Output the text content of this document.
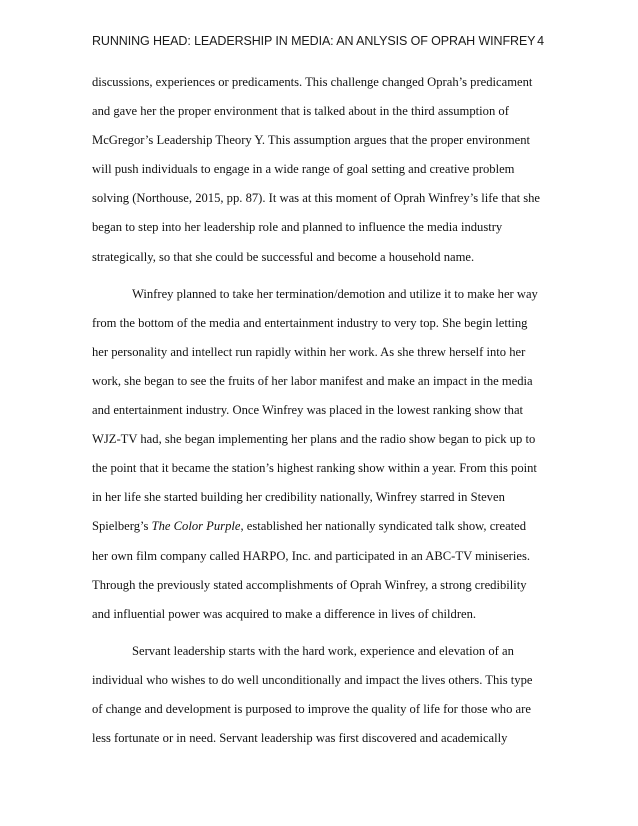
RUNNING HEAD: LEADERSHIP IN MEDIA: AN ANLYSIS OF OPRAH WINFREY 4
discussions, experiences or predicaments. This challenge changed Oprah’s predicament
and gave her the proper environment that is talked about in the third assumption of
McGregor’s Leadership Theory Y. This assumption argues that the proper environment
will push individuals to engage in a wide range of goal setting and creative problem
solving (Northouse, 2015, pp. 87). It was at this moment of Oprah Winfrey’s life that she
began to step into her leadership role and planned to influence the media industry
strategically, so that she could be successful and become a household name.
Winfrey planned to take her termination/demotion and utilize it to make her way
from the bottom of the media and entertainment industry to very top. She begin letting
her personality and intellect run rapidly within her work. As she threw herself into her
work, she began to see the fruits of her labor manifest and make an impact in the media
and entertainment industry. Once Winfrey was placed in the lowest ranking show that
WJZ-TV had, she began implementing her plans and the radio show began to pick up to
the point that it became the station’s highest ranking show within a year. From this point
in her life she started building her credibility nationally, Winfrey starred in Steven
Spielberg’s The Color Purple, established her nationally syndicated talk show, created
her own film company called HARPO, Inc. and participated in an ABC-TV miniseries.
Through the previously stated accomplishments of Oprah Winfrey, a strong credibility
and influential power was acquired to make a difference in lives of children.
Servant leadership starts with the hard work, experience and elevation of an
individual who wishes to do well unconditionally and impact the lives others. This type
of change and development is purposed to improve the quality of life for those who are
less fortunate or in need. Servant leadership was first discovered and academically
